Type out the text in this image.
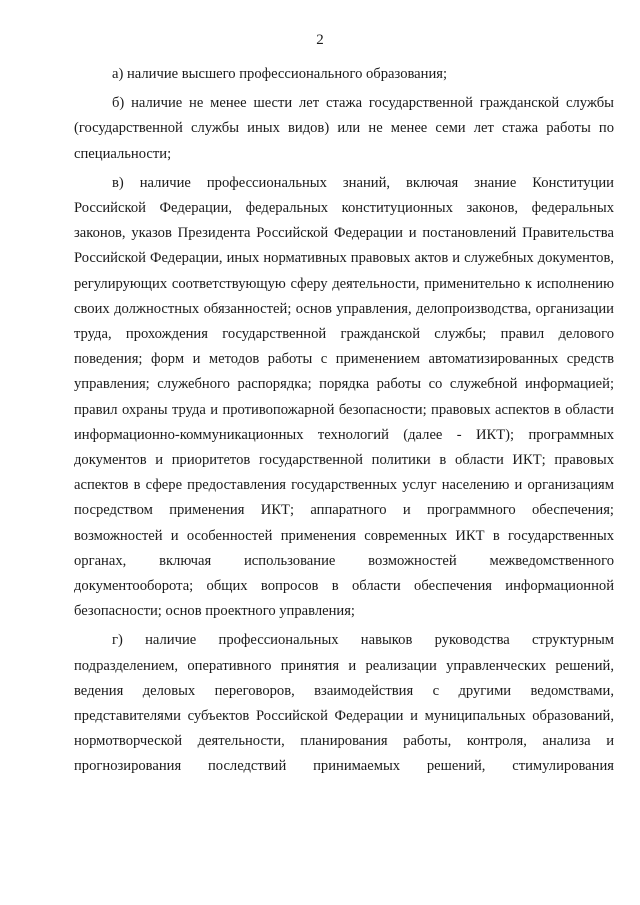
2

а) наличие высшего профессионального образования;

б) наличие не менее шести лет стажа государственной гражданской службы (государственной службы иных видов) или не менее семи лет стажа работы по специальности;

в) наличие профессиональных знаний, включая знание Конституции Российской Федерации, федеральных конституционных законов, федеральных законов, указов Президента Российской Федерации и постановлений Правительства Российской Федерации, иных нормативных правовых актов и служебных документов, регулирующих соответствующую сферу деятельности, применительно к исполнению своих должностных обязанностей; основ управления, делопроизводства, организации труда, прохождения государственной гражданской службы; правил делового поведения; форм и методов работы с применением автоматизированных средств управления; служебного распорядка; порядка работы со служебной информацией; правил охраны труда и противопожарной безопасности; правовых аспектов в области информационно-коммуникационных технологий (далее - ИКТ); программных документов и приоритетов государственной политики в области ИКТ; правовых аспектов в сфере предоставления государственных услуг населению и организациям посредством применения ИКТ; аппаратного и программного обеспечения; возможностей и особенностей применения современных ИКТ в государственных органах, включая использование возможностей межведомственного документооборота; общих вопросов в области обеспечения информационной безопасности; основ проектного управления;

г) наличие профессиональных навыков руководства структурным подразделением, оперативного принятия и реализации управленческих решений, ведения деловых переговоров, взаимодействия с другими ведомствами, представителями субъектов Российской Федерации и муниципальных образований, нормотворческой деятельности, планирования работы, контроля, анализа и прогнозирования последствий принимаемых решений, стимулирования
